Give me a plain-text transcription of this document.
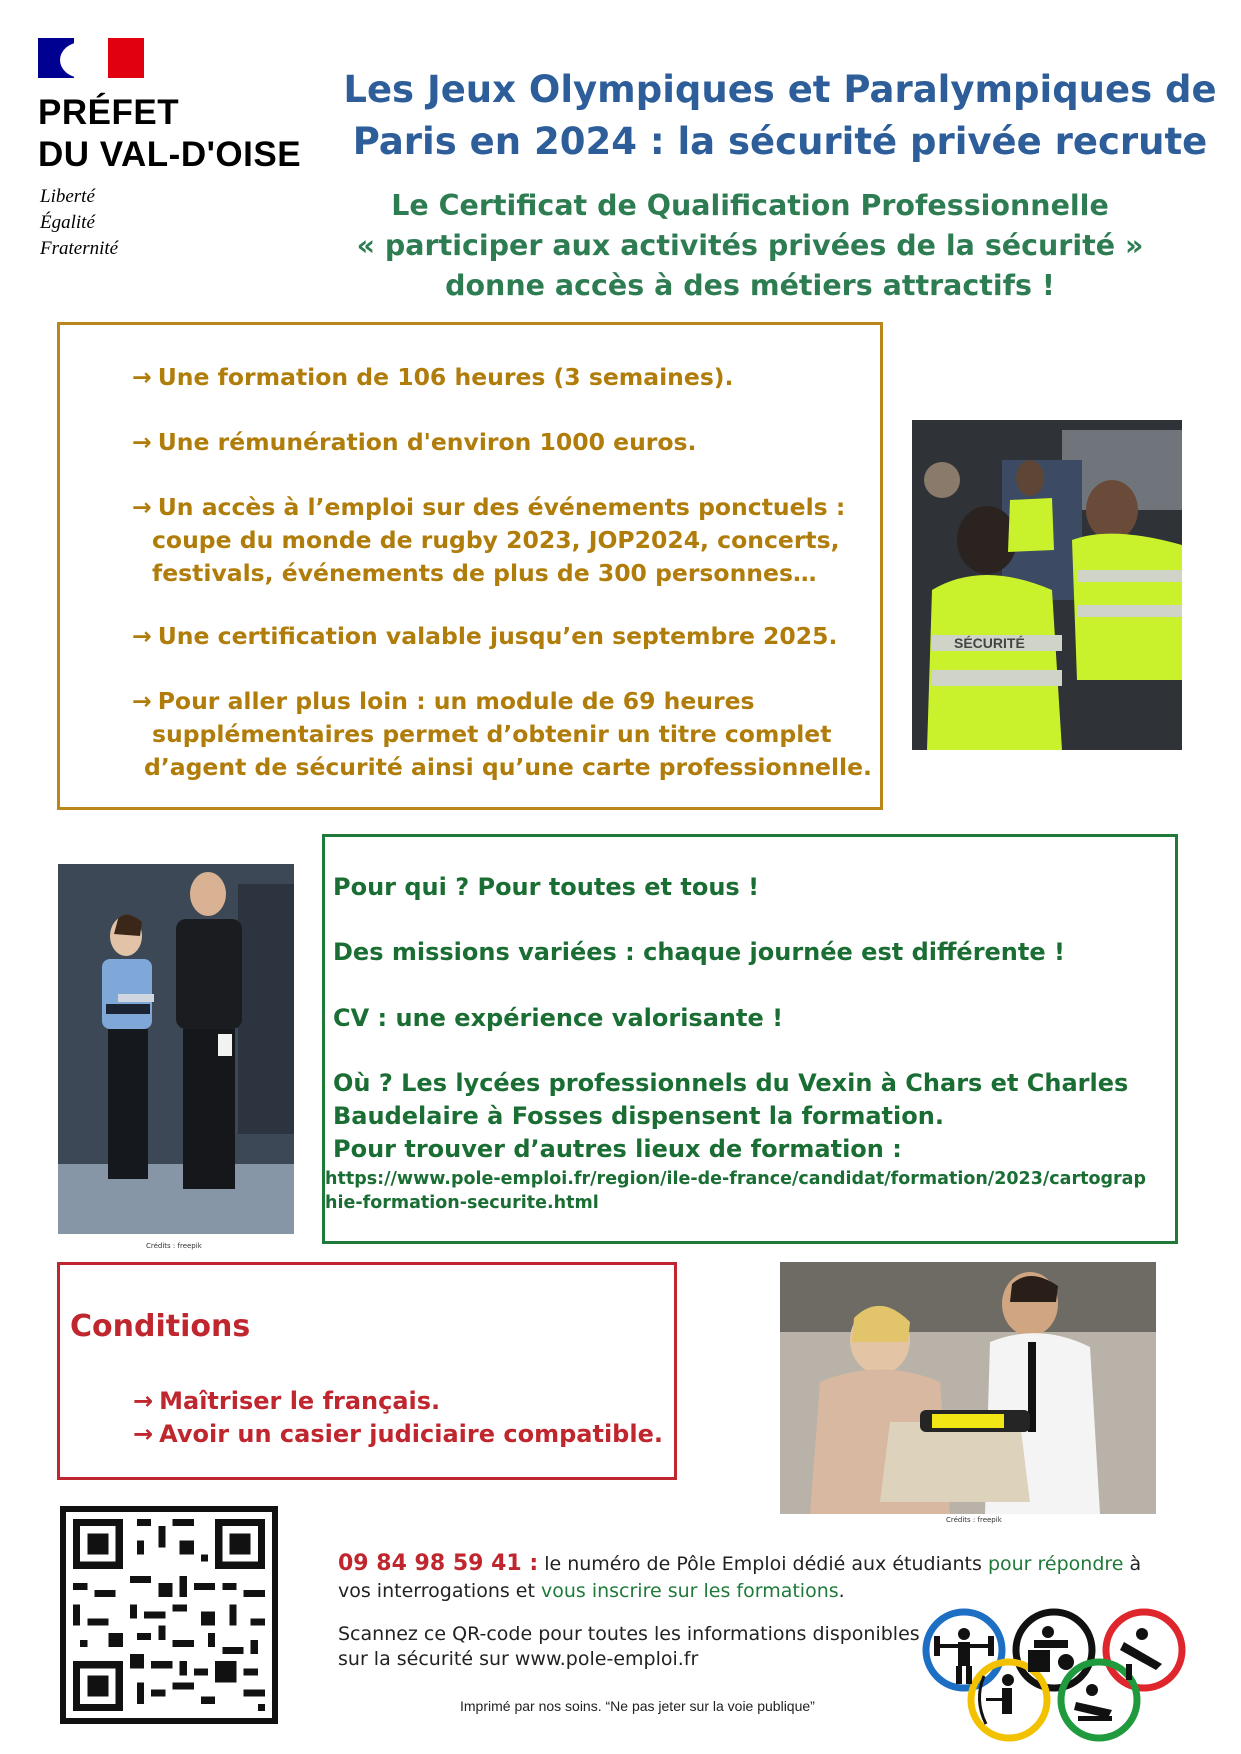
PRÉFET
DU VAL-D'OISE
Liberté
Égalité
Fraternité
Les Jeux Olympiques et Paralympiques de
Paris en 2024 : la sécurité privée recrute
Le Certificat de Qualification Professionnelle
« participer aux activités privées de la sécurité »
donne accès à des métiers attractifs !
→ Une formation de 106 heures (3 semaines).
→ Une rémunération d'environ 1000 euros.
→ Un accès à l’emploi sur des événements ponctuels :
coupe du monde de rugby 2023, JOP2024, concerts,
festivals, événements de plus de 300 personnes…
→ Une certification valable jusqu’en septembre 2025.
→ Pour aller plus loin : un module de 69 heures
supplémentaires permet d’obtenir un titre complet
d’agent de sécurité ainsi qu’une carte professionnelle.
SÉCURITÉ
Pour qui ? Pour toutes et tous !
Des missions variées : chaque journée est différente !
CV : une expérience valorisante !
Où ? Les lycées professionnels du Vexin à Chars et Charles
Baudelaire à Fosses dispensent la formation.
Pour trouver d’autres lieux de formation :
https://www.pole-emploi.fr/region/ile-de-france/candidat/formation/2023/cartographie-formation-securite.html
Crédits : freepik
Conditions
→ Maîtriser le français.
→ Avoir un casier judiciaire compatible.
Crédits : freepik
09 84 98 59 41 : le numéro de Pôle Emploi dédié aux étudiants pour répondre à vos interrogations et vous inscrire sur les formations.
Scannez ce QR-code pour toutes les informations disponibles
sur la sécurité sur www.pole-emploi.fr
Imprimé par nos soins. “Ne pas jeter sur la voie publique”
